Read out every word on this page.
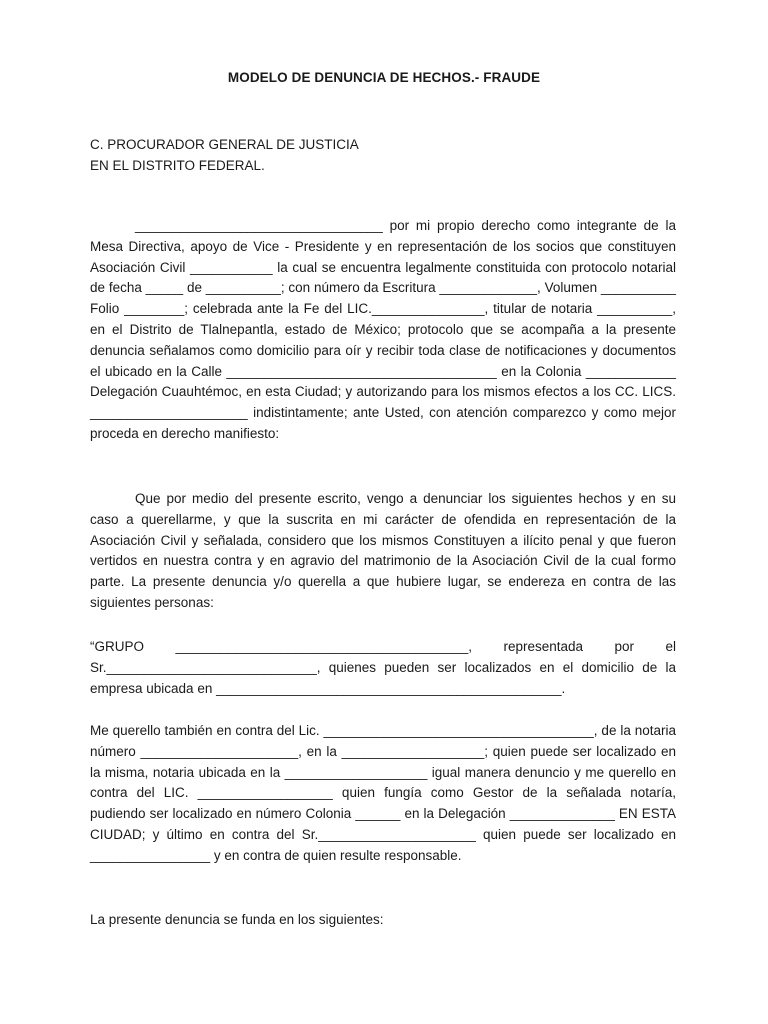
MODELO DE DENUNCIA DE HECHOS.- FRAUDE
C. PROCURADOR GENERAL DE JUSTICIA
EN EL DISTRITO FEDERAL.

_________________________________ por mi propio derecho como integrante de la Mesa Directiva, apoyo de Vice - Presidente y en representación de los socios que constituyen Asociación Civil ___________ la cual se encuentra legalmente constituida con protocolo notarial de fecha _____ de __________; con número da Escritura _____________, Volumen __________ Folio ________; celebrada ante la Fe del LIC._______________, titular de notaria __________, en el Distrito de Tlalnepantla, estado de México; protocolo que se acompaña a la presente denuncia señalamos como domicilio para oír y recibir toda clase de notificaciones y documentos el ubicado en la Calle ____________________________________ en la Colonia ____________ Delegación Cuauhtémoc, en esta Ciudad; y autorizando para los mismos efectos a los CC. LICS. _____________________ indistintamente; ante Usted, con atención comparezco y como mejor proceda en derecho manifiesto:

Que por medio del presente escrito, vengo a denunciar los siguientes hechos y en su caso a querellarme, y que la suscrita en mi carácter de ofendida en representación de la Asociación Civil y señalada, considero que los mismos Constituyen a ilícito penal y que fueron vertidos en nuestra contra y en agravio del matrimonio de la Asociación Civil de la cual formo parte. La presente denuncia y/o querella a que hubiere lugar, se endereza en contra de las siguientes personas:

“GRUPO _______________________________________, representada por el Sr.____________________________, quienes pueden ser localizados en el domicilio de la empresa ubicada en ______________________________________________.

Me querello también en contra del Lic. ____________________________________, de la notaria número _____________________, en la ___________________; quien puede ser localizado en la misma, notaria ubicada en la ___________________ igual manera denuncio y me querello en contra del LIC. __________________ quien fungía como Gestor de la señalada notaría, pudiendo ser localizado en número Colonia ______ en la Delegación ______________ EN ESTA CIUDAD; y último en contra del Sr._____________________ quien puede ser localizado en ________________ y en contra de quien resulte responsable.

La presente denuncia se funda en los siguientes:
